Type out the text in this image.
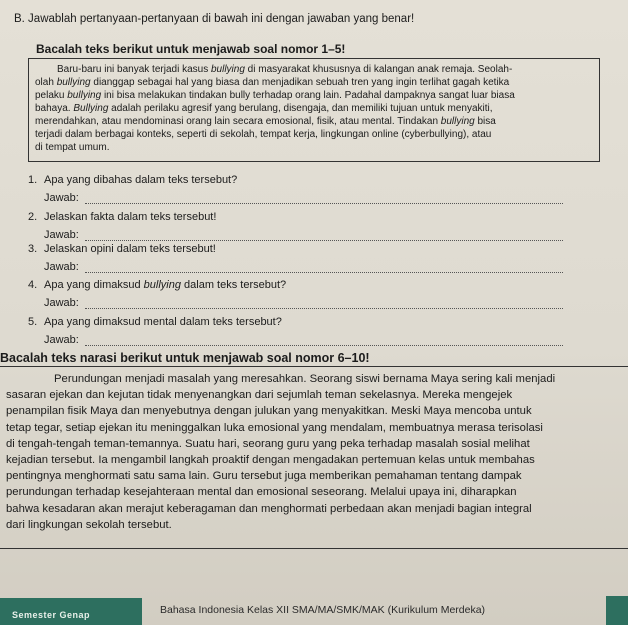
B. Jawablah pertanyaan-pertanyaan di bawah ini dengan jawaban yang benar!
Bacalah teks berikut untuk menjawab soal nomor 1–5!
Baru-baru ini banyak terjadi kasus bullying di masyarakat khususnya di kalangan anak remaja. Seolah-
olah bullying dianggap sebagai hal yang biasa dan menjadikan sebuah tren yang ingin terlihat gagah ketika
pelaku bullying ini bisa melakukan tindakan bully terhadap orang lain. Padahal dampaknya sangat luar biasa
bahaya. Bullying adalah perilaku agresif yang berulang, disengaja, dan memiliki tujuan untuk menyakiti,
merendahkan, atau mendominasi orang lain secara emosional, fisik, atau mental. Tindakan bullying bisa
terjadi dalam berbagai konteks, seperti di sekolah, tempat kerja, lingkungan online (cyberbullying), atau
di tempat umum.
1. Apa yang dibahas dalam teks tersebut?
Jawab:
2. Jelaskan fakta dalam teks tersebut!
Jawab:
3. Jelaskan opini dalam teks tersebut!
Jawab:
4. Apa yang dimaksud bullying dalam teks tersebut?
Jawab:
5. Apa yang dimaksud mental dalam teks tersebut?
Jawab:
Bacalah teks narasi berikut untuk menjawab soal nomor 6–10!
Perundungan menjadi masalah yang meresahkan. Seorang siswi bernama Maya sering kali menjadi
sasaran ejekan dan kejutan tidak menyenangkan dari sejumlah teman sekelasnya. Mereka mengejek
penampilan fisik Maya dan menyebutnya dengan julukan yang menyakitkan. Meski Maya mencoba untuk
tetap tegar, setiap ejekan itu meninggalkan luka emosional yang mendalam, membuatnya merasa terisolasi
di tengah-tengah teman-temannya. Suatu hari, seorang guru yang peka terhadap masalah sosial melihat
kejadian tersebut. Ia mengambil langkah proaktif dengan mengadakan pertemuan kelas untuk membahas
pentingnya menghormati satu sama lain. Guru tersebut juga memberikan pemahaman tentang dampak
perundungan terhadap kesejahteraan mental dan emosional seseorang. Melalui upaya ini, diharapkan
bahwa kesadaran akan merajut keberagaman dan menghormati perbedaan akan menjadi bagian integral
dari lingkungan sekolah tersebut.
Semester Genap	Bahasa Indonesia Kelas XII SMA/MA/SMK/MAK (Kurikulum Merdeka)
